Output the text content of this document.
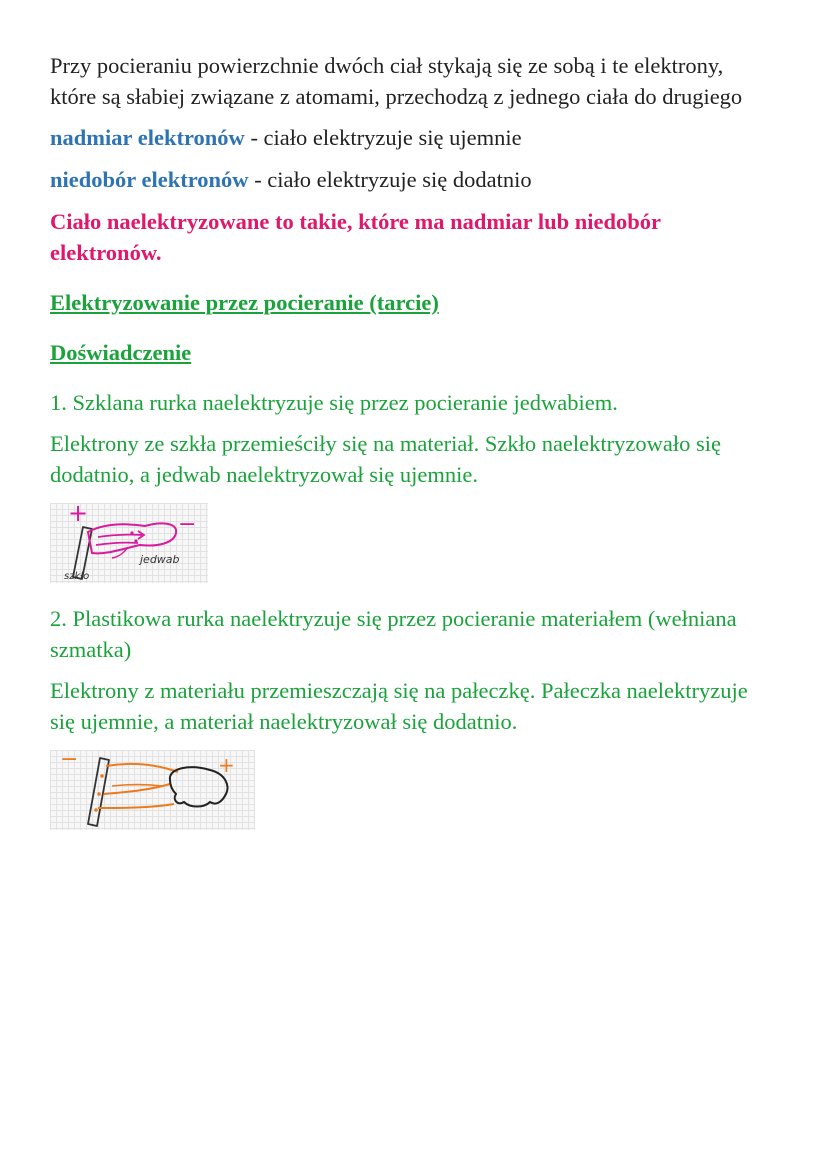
Przy pocieraniu powierzchnie dwóch ciał stykają się ze sobą i te elektrony, które są słabiej związane z atomami, przechodzą z jednego ciała do drugiego

nadmiar elektronów - ciało elektryzuje się ujemnie

niedobór elektronów - ciało elektryzuje się dodatnio

Ciało naelektryzowane to takie, które ma nadmiar lub niedobór elektronów.

Elektryzowanie przez pocieranie (tarcie)

Doświadczenie

1. Szklana rurka naelektryzuje się przez pocieranie jedwabiem.

Elektrony ze szkła przemieściły się na materiał. Szkło naelektryzowało się dodatnio, a jedwab naelektryzował się ujemnie.

+	−
szkło
jedwab

2. Plastikowa rurka naelektryzuje się przez pocieranie materiałem (wełniana szmatka)

Elektrony z materiału przemieszczają się na pałeczkę. Pałeczka naelektryzuje się ujemnie, a materiał naelektryzował się dodatnio.

−	+
